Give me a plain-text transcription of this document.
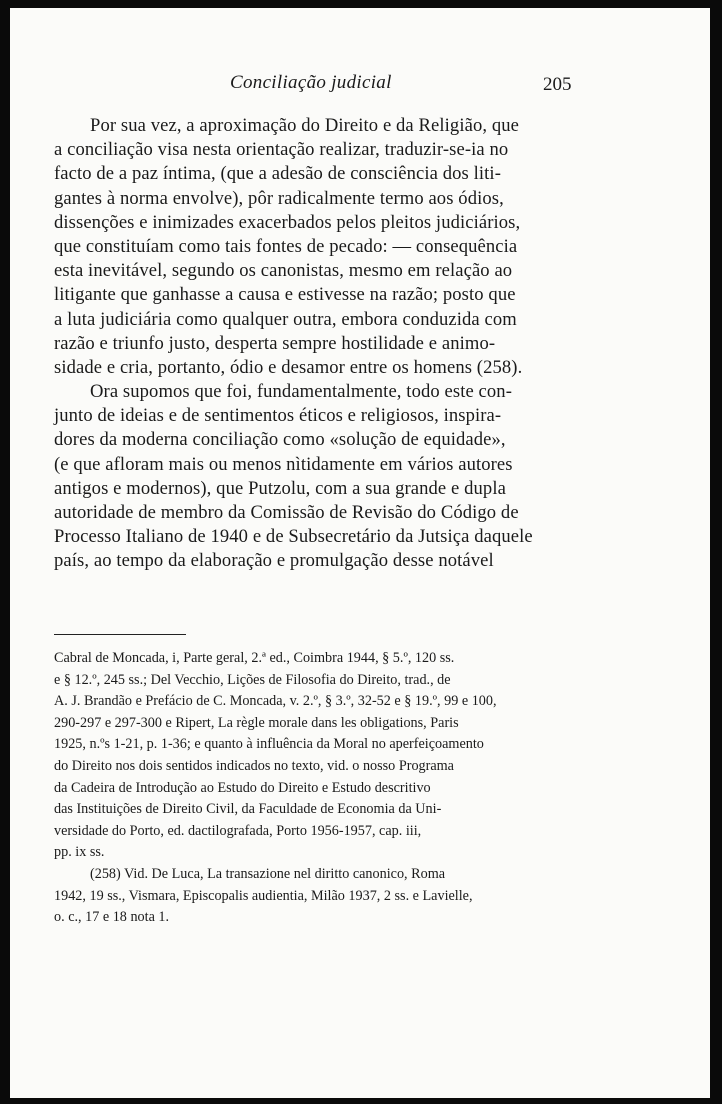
Conciliação judicial	205
Por sua vez, a aproximação do Direito e da Religião, que
a conciliação visa nesta orientação realizar, traduzir-se-ia no
facto de a paz íntima, (que a adesão de consciência dos liti-
gantes à norma envolve), pôr radicalmente termo aos ódios,
dissenções e inimizades exacerbados pelos pleitos judiciários,
que constituíam como tais fontes de pecado: — consequência
esta inevitável, segundo os canonistas, mesmo em relação ao
litigante que ganhasse a causa e estivesse na razão; posto que
a luta judiciária como qualquer outra, embora conduzida com
razão e triunfo justo, desperta sempre hostilidade e animo-
sidade e cria, portanto, ódio e desamor entre os homens (258).
Ora supomos que foi, fundamentalmente, todo este con-
junto de ideias e de sentimentos éticos e religiosos, inspira-
dores da moderna conciliação como «solução de equidade»,
(e que afloram mais ou menos nìtidamente em vários autores
antigos e modernos), que Putzolu, com a sua grande e dupla
autoridade de membro da Comissão de Revisão do Código de
Processo Italiano de 1940 e de Subsecretário da Jutsiça daquele
país, ao tempo da elaboração e promulgação desse notável
Cabral de Moncada, i, Parte geral, 2.ª ed., Coimbra 1944, § 5.º, 120 ss.
e § 12.º, 245 ss.; Del Vecchio, Lições de Filosofia do Direito, trad., de
A. J. Brandão e Prefácio de C. Moncada, v. 2.º, § 3.º, 32-52 e § 19.º, 99 e 100,
290-297 e 297-300 e Ripert, La règle morale dans les obligations, Paris
1925, n.ºs 1-21, p. 1-36; e quanto à influência da Moral no aperfeiçoamento
do Direito nos dois sentidos indicados no texto, vid. o nosso Programa
da Cadeira de Introdução ao Estudo do Direito e Estudo descritivo
das Instituições de Direito Civil, da Faculdade de Economia da Uni-
versidade do Porto, ed. dactilografada, Porto 1956-1957, cap. iii,
pp. ix ss.
(258) Vid. De Luca, La transazione nel diritto canonico, Roma
1942, 19 ss., Vismara, Episcopalis audientia, Milão 1937, 2 ss. e Lavielle,
o. c., 17 e 18 nota 1.
